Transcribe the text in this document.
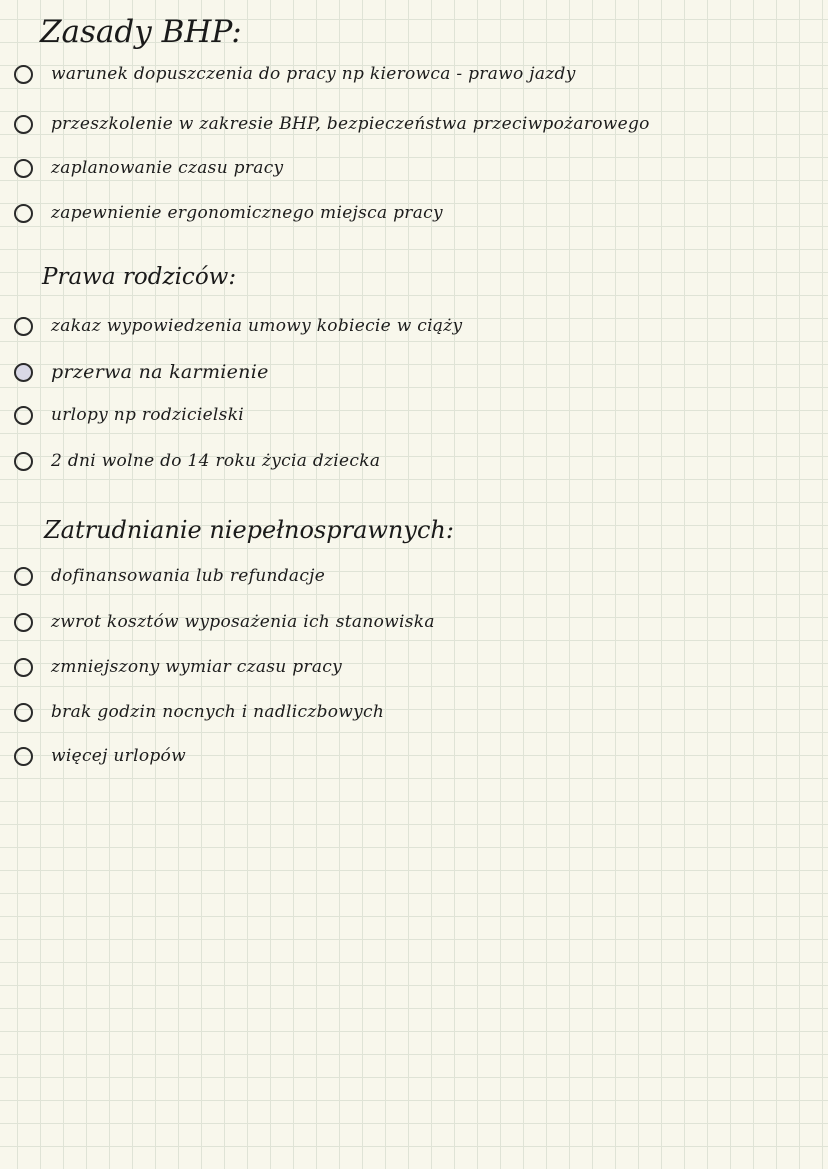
Zasady BHP:
warunek dopuszczenia do pracy np kierowca - prawo jazdy
przeszkolenie w zakresie BHP, bezpieczeństwa przeciwpożarowego
zaplanowanie czasu pracy
zapewnienie ergonomicznego miejsca pracy
Prawa rodziców:
zakaz wypowiedzenia umowy kobiecie w ciąży
przerwa na karmienie
urlopy np rodzicielski
2 dni wolne do 14 roku życia dziecka
Zatrudnianie niepełnosprawnych:
dofinansowania lub refundacje
zwrot kosztów wyposażenia ich stanowiska
zmniejszony wymiar czasu pracy
brak godzin nocnych i nadliczbowych
więcej urlopów
